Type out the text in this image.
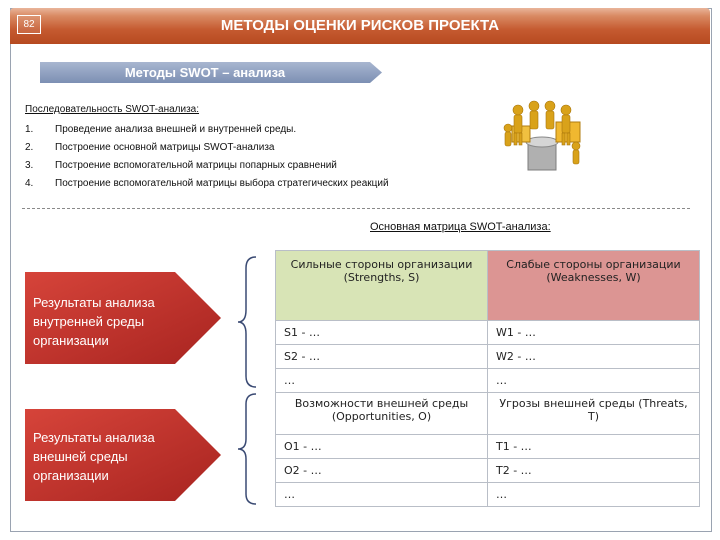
82	МЕТОДЫ ОЦЕНКИ РИСКОВ ПРОЕКТА
Методы SWOT – анализа
Последовательность SWOT-анализа:
1.	Проведение анализа внешней и внутренней среды.
2.	Построение основной матрицы SWOT-анализа
3.	Построение вспомогательной матрицы попарных сравнений
4.	Построение вспомогательной матрицы выбора стратегических реакций
Основная матрица SWOT-анализа:
Результаты анализа внутренней среды организации
Результаты анализа внешней среды организации
Сильные стороны организации (Strengths, S)	Слабые стороны организации (Weaknesses, W)
S1 - …	W1 - …
S2 - …	W2 - …
…	…
Возможности внешней среды (Opportunities, O)	Угрозы внешней среды (Threats, T)
O1 - …	T1 - …
O2 - …	T2 - …
…	…
